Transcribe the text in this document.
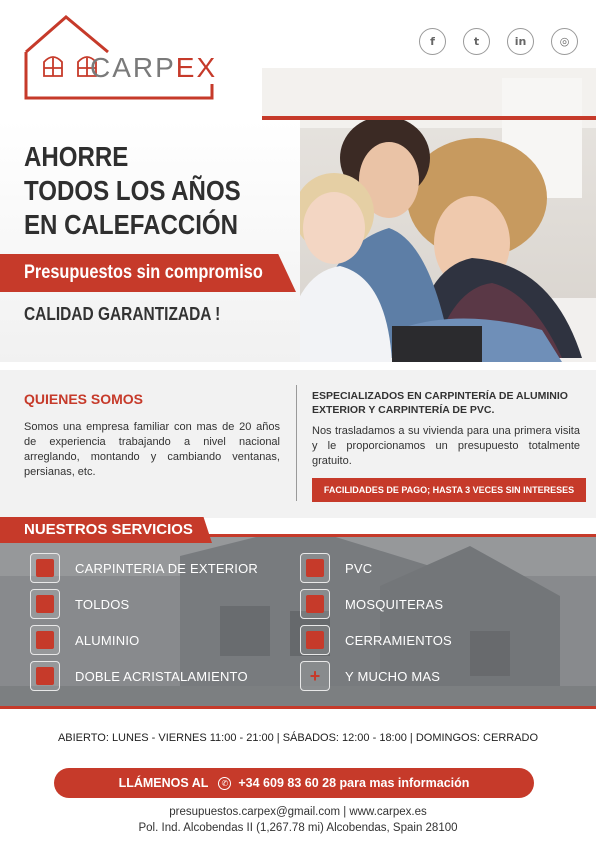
CARPEX
f	t	in	◎
AHORRE
TODOS LOS AÑOS
EN CALEFACCIÓN
Presupuestos sin compromiso
CALIDAD GARANTIZADA !
QUIENES SOMOS
Somos una empresa familiar con mas de 20 años de experiencia trabajando a nivel nacional arreglando, montando y cambiando ventanas, persianas, etc.
ESPECIALIZADOS EN CARPINTERÍA DE ALUMINIO EXTERIOR Y CARPINTERÍA DE PVC.
Nos trasladamos a su vivienda para una primera visita y le proporcionamos un presupuesto totalmente gratuito.
FACILIDADES DE PAGO; HASTA 3 VECES SIN INTERESES
NUESTROS SERVICIOS
CARPINTERIA DE EXTERIOR	PVC
TOLDOS	MOSQUITERAS
ALUMINIO	CERRAMIENTOS
DOBLE ACRISTALAMIENTO	+ Y MUCHO MAS
ABIERTO: LUNES - VIERNES 11:00 - 21:00 | SÁBADOS: 12:00 - 18:00 | DOMINGOS: CERRADO
LLÁMENOS AL	✆ +34 609 83 60 28 para mas información
presupuestos.carpex@gmail.com | www.carpex.es
Pol. Ind. Alcobendas II (1,267.78 mi) Alcobendas, Spain 28100
